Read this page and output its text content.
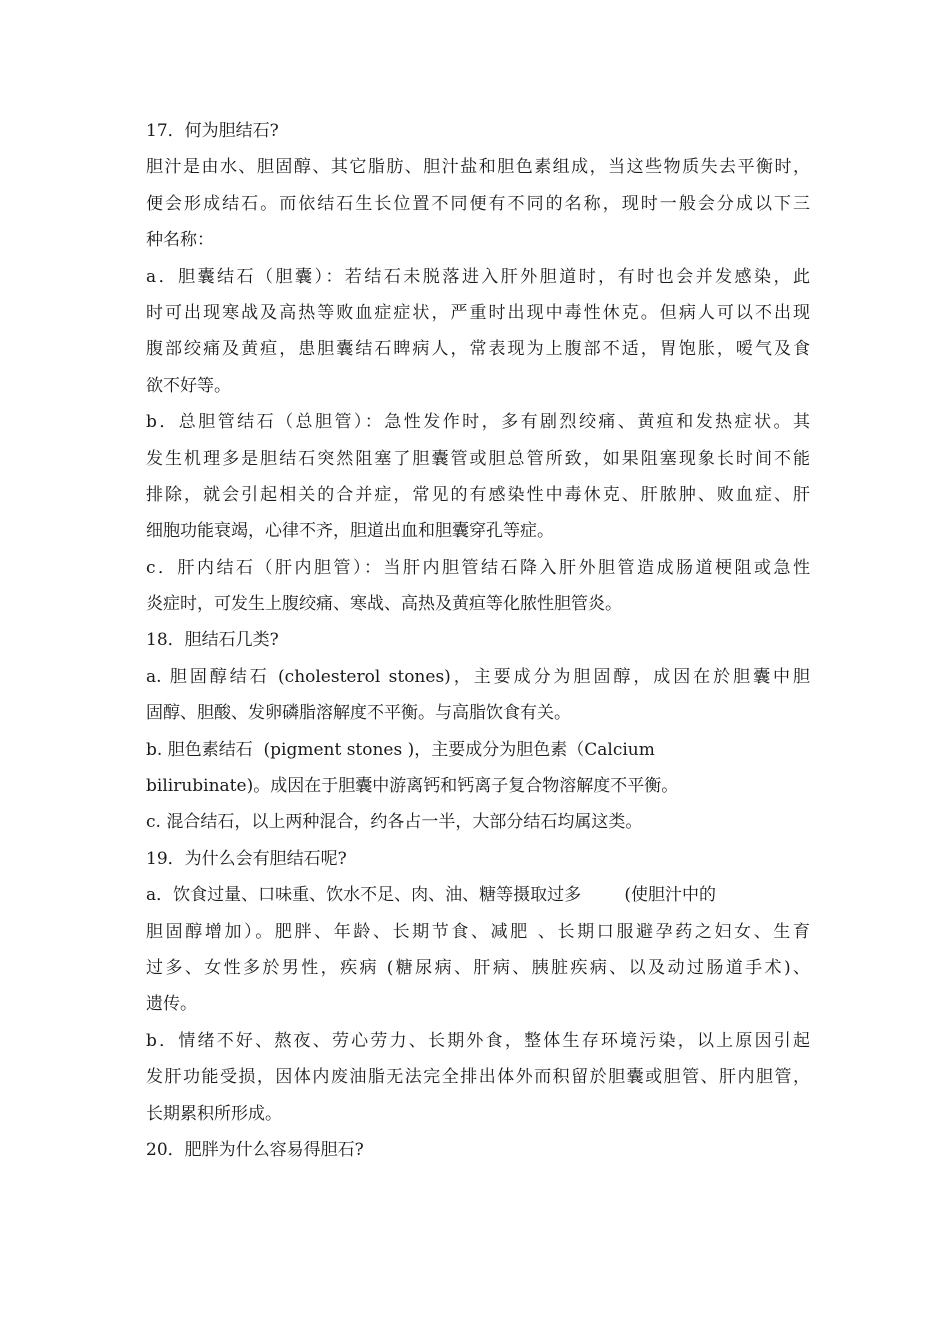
17．何为胆结石?
胆汁是由水、胆固醇、其它脂肪、胆汁盐和胆色素组成，当这些物质失去平衡时，
便会形成结石。而依结石生长位置不同便有不同的名称，现时一般会分成以下三
种名称：
a．胆囊结石（胆囊）：若结石未脱落进入肝外胆道时，有时也会并发感染，此
时可出现寒战及高热等败血症症状，严重时出现中毒性休克。但病人可以不出现
腹部绞痛及黄疸，患胆囊结石睥病人，常表现为上腹部不适，胃饱胀，嗳气及食
欲不好等。
b．总胆管结石（总胆管）：急性发作时，多有剧烈绞痛、黄疸和发热症状。其
发生机理多是胆结石突然阻塞了胆囊管或胆总管所致，如果阻塞现象长时间不能
排除，就会引起相关的合并症，常见的有感染性中毒休克、肝脓肿、败血症、肝
细胞功能衰竭，心律不齐，胆道出血和胆囊穿孔等症。
c．肝内结石（肝内胆管）：当肝内胆管结石降入肝外胆管造成肠道梗阻或急性
炎症时，可发生上腹绞痛、寒战、高热及黄疸等化脓性胆管炎。
18．胆结石几类?
a. 胆固醇结石 (cholesterol stones)，主要成分为胆固醇，成因在於胆囊中胆
固醇、胆酸、发卵磷脂溶解度不平衡。与高脂饮食有关。
b. 胆色素结石  (pigment stones )，主要成分为胆色素（Calcium
bilirubinate)。成因在于胆囊中游离钙和钙离子复合物溶解度不平衡。
c. 混合结石，以上两种混合，约各占一半，大部分结石均属这类。
19．为什么会有胆结石呢?
a．饮食过量、口味重、饮水不足、肉、油、糖等摄取过多        (使胆汁中的
胆固醇增加）。肥胖、年龄、长期节食、减肥 、长期口服避孕药之妇女、生育
过多、女性多於男性，疾病 (糖尿病、肝病、胰脏疾病、以及动过肠道手术)、
遗传。
b．情绪不好、熬夜、劳心劳力、长期外食，整体生存环境污染，以上原因引起
发肝功能受损，因体内废油脂无法完全排出体外而积留於胆囊或胆管、肝内胆管，
长期累积所形成。
20．肥胖为什么容易得胆石?
